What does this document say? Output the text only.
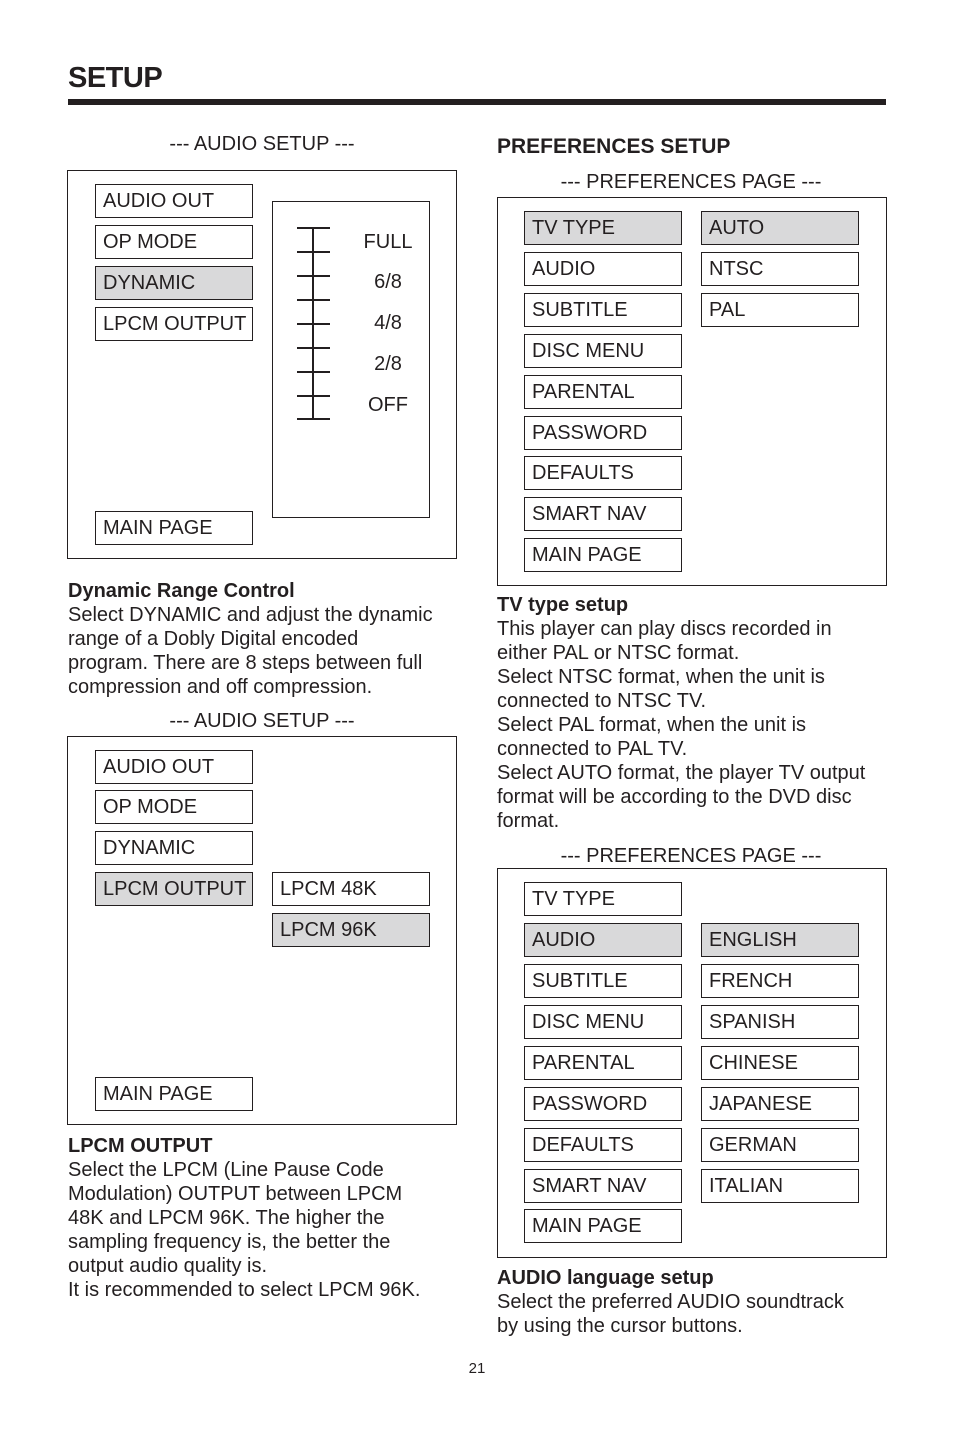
SETUP
--- AUDIO SETUP ---
AUDIO OUT
OP MODE
DYNAMIC
LPCM OUTPUT
MAIN PAGE
FULL
6/8
4/8
2/8
OFF
Dynamic Range Control
Select DYNAMIC and adjust the dynamic
range of a Dobly Digital encoded
program. There are 8 steps between full
compression and off compression.
--- AUDIO SETUP ---
AUDIO OUT
OP MODE
DYNAMIC
LPCM OUTPUT	LPCM 48K
LPCM 96K
MAIN PAGE
LPCM OUTPUT
Select the LPCM (Line Pause Code
Modulation) OUTPUT between LPCM
48K and LPCM 96K. The higher the
sampling frequency is, the better the
output audio quality is.
It is recommended to select LPCM 96K.
PREFERENCES SETUP
--- PREFERENCES PAGE ---
TV TYPE
AUDIO
SUBTITLE
DISC MENU
PARENTAL
PASSWORD
DEFAULTS
SMART NAV
MAIN PAGE
AUTO
NTSC
PAL
TV type setup
This player can play discs recorded in
either PAL or NTSC format.
Select NTSC format, when the unit is
connected to NTSC TV.
Select PAL format, when the unit is
connected to PAL TV.
Select AUTO format, the player TV output
format will be according to the DVD disc
format.
--- PREFERENCES PAGE ---
TV TYPE
AUDIO
SUBTITLE
DISC MENU
PARENTAL
PASSWORD
DEFAULTS
SMART NAV
MAIN PAGE
ENGLISH
FRENCH
SPANISH
CHINESE
JAPANESE
GERMAN
ITALIAN
AUDIO language setup
Select the preferred AUDIO soundtrack
by using the cursor buttons.
21
